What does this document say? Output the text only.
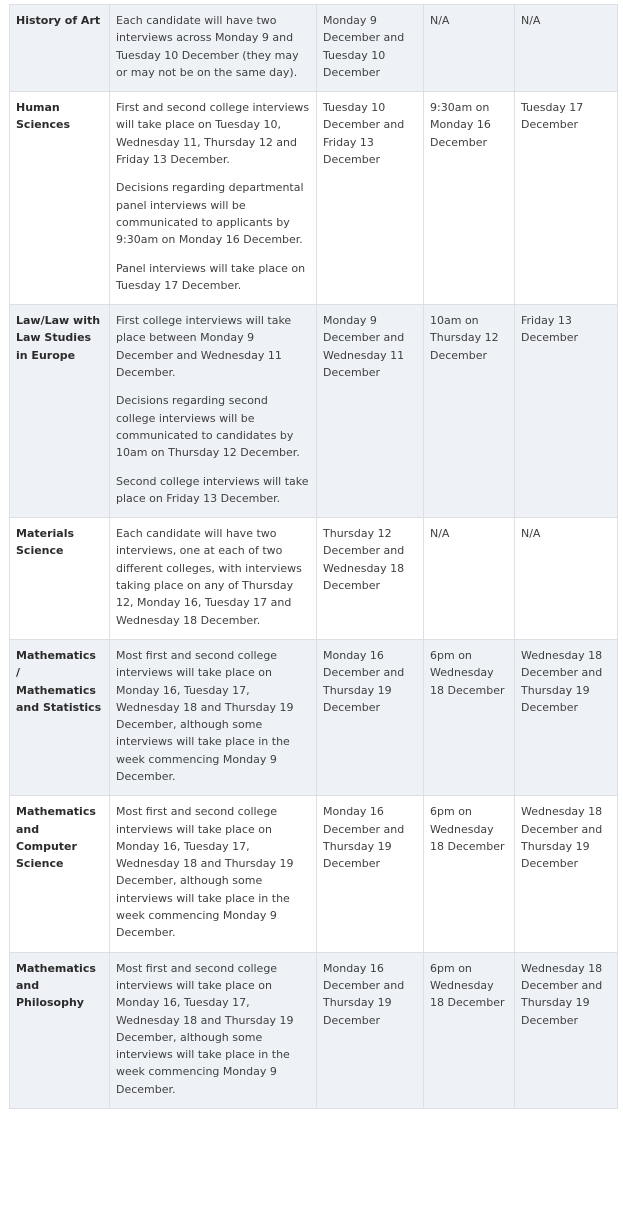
History of Art	Each candidate will have two interviews across Monday 9 and Tuesday 10 December (they may or may not be on the same day).	Monday 9 December and Tuesday 10 December	N/A	N/A
Human Sciences	First and second college interviews will take place on Tuesday 10, Wednesday 11, Thursday 12 and Friday 13 December.

Decisions regarding departmental panel interviews will be communicated to applicants by 9:30am on Monday 16 December.

Panel interviews will take place on Tuesday 17 December.	Tuesday 10 December and Friday 13 December	9:30am on Monday 16 December	Tuesday 17 December
Law/Law with Law Studies in Europe	First college interviews will take place between Monday 9 December and Wednesday 11 December.

Decisions regarding second college interviews will be communicated to candidates by 10am on Thursday 12 December.

Second college interviews will take place on Friday 13 December.	Monday 9 December and Wednesday 11 December	10am on Thursday 12 December	Friday 13 December
Materials Science	Each candidate will have two interviews, one at each of two different colleges, with interviews taking place on any of Thursday 12, Monday 16, Tuesday 17 and Wednesday 18 December.	Thursday 12 December and Wednesday 18 December	N/A	N/A
Mathematics / Mathematics and Statistics	Most first and second college interviews will take place on Monday 16, Tuesday 17, Wednesday 18 and Thursday 19 December, although some interviews will take place in the week commencing Monday 9 December.	Monday 16 December and Thursday 19 December	6pm on Wednesday 18 December	Wednesday 18 December and Thursday 19 December
Mathematics and Computer Science	Most first and second college interviews will take place on Monday 16, Tuesday 17, Wednesday 18 and Thursday 19 December, although some interviews will take place in the week commencing Monday 9 December.	Monday 16 December and Thursday 19 December	6pm on Wednesday 18 December	Wednesday 18 December and Thursday 19 December
Mathematics and Philosophy	Most first and second college interviews will take place on Monday 16, Tuesday 17, Wednesday 18 and Thursday 19 December, although some interviews will take place in the week commencing Monday 9 December.	Monday 16 December and Thursday 19 December	6pm on Wednesday 18 December	Wednesday 18 December and Thursday 19 December
